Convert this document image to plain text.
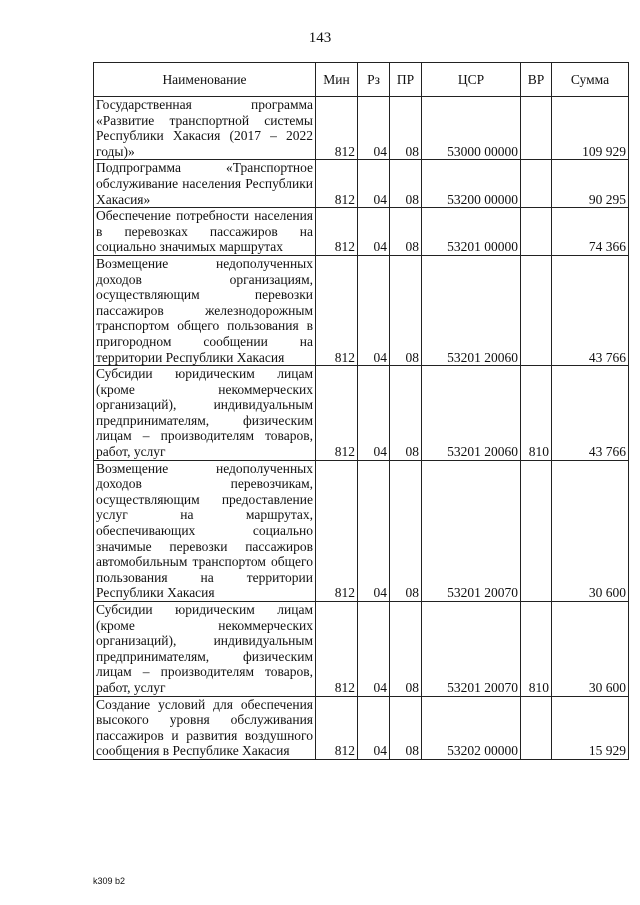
143
Наименование	Мин	Рз	ПР	ЦСР	ВР	Сумма
Государственная программа «Развитие транспортной системы Республики Хакасия (2017 – 2022 годы)»	812	04	08	53000 00000		109 929
Подпрограмма «Транспортное обслуживание населения Республики Хакасия»	812	04	08	53200 00000		90 295
Обеспечение потребности населения в перевозках пассажиров на социально значимых маршрутах	812	04	08	53201 00000		74 366
Возмещение недополученных доходов организациям, осуществляющим перевозки пассажиров железнодорожным транспортом общего пользования в пригородном сообщении на территории Республики Хакасия	812	04	08	53201 20060		43 766
Субсидии юридическим лицам (кроме некоммерческих организаций), индивидуальным предпринимателям, физическим лицам – производителям товаров, работ, услуг	812	04	08	53201 20060	810	43 766
Возмещение недополученных доходов перевозчикам, осуществляющим предоставление услуг на маршрутах, обеспечивающих социально значимые перевозки пассажиров автомобильным транспортом общего пользования на территории Республики Хакасия	812	04	08	53201 20070		30 600
Субсидии юридическим лицам (кроме некоммерческих организаций), индивидуальным предпринимателям, физическим лицам – производителям товаров, работ, услуг	812	04	08	53201 20070	810	30 600
Создание условий для обеспечения высокого уровня обслуживания пассажиров и развития воздушного сообщения в Республике Хакасия	812	04	08	53202 00000		15 929
k309 b2
